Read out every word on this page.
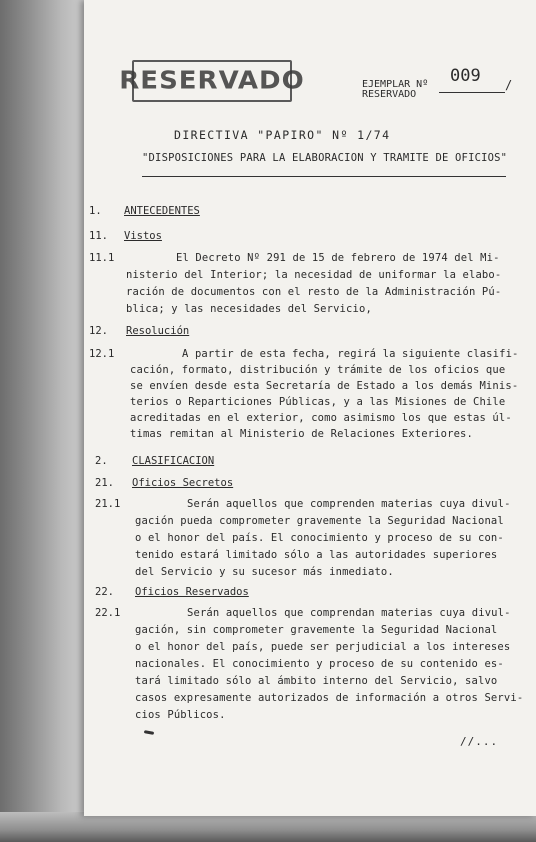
RESERVADO	EJEMPLAR Nº
RESERVADO
009 /
DIRECTIVA "PAPIRO" Nº 1/74
"DISPOSICIONES PARA LA ELABORACION Y TRAMITE DE OFICIOS"
1. ANTECEDENTES
11. Vistos
11.1	El Decreto Nº 291 de 15 de febrero de 1974 del Mi-
nisterio del Interior; la necesidad de uniformar la elabo-
ración de documentos con el resto de la Administración Pú-
blica; y las necesidades del Servicio,
12. Resolución
12.1	A partir de esta fecha, regirá la siguiente clasifi-
cación, formato, distribución y trámite de los oficios que
se envíen desde esta Secretaría de Estado a los demás Minis-
terios o Reparticiones Públicas, y a las Misiones de Chile
acreditadas en el exterior, como asimismo los que estas úl-
timas remitan al Ministerio de Relaciones Exteriores.
2. CLASIFICACION
21. Oficios Secretos
21.1	Serán aquellos que comprenden materias cuya divul-
gación pueda comprometer gravemente la Seguridad Nacional
o el honor del país. El conocimiento y proceso de su con-
tenido estará limitado sólo a las autoridades superiores
del Servicio y su sucesor más inmediato.
22. Oficios Reservados
22.1	Serán aquellos que comprendan materias cuya divul-
gación, sin comprometer gravemente la Seguridad Nacional
o el honor del país, puede ser perjudicial a los intereses
nacionales. El conocimiento y proceso de su contenido es-
tará limitado sólo al ámbito interno del Servicio, salvo
casos expresamente autorizados de información a otros Servi-
cios Públicos.
//...
